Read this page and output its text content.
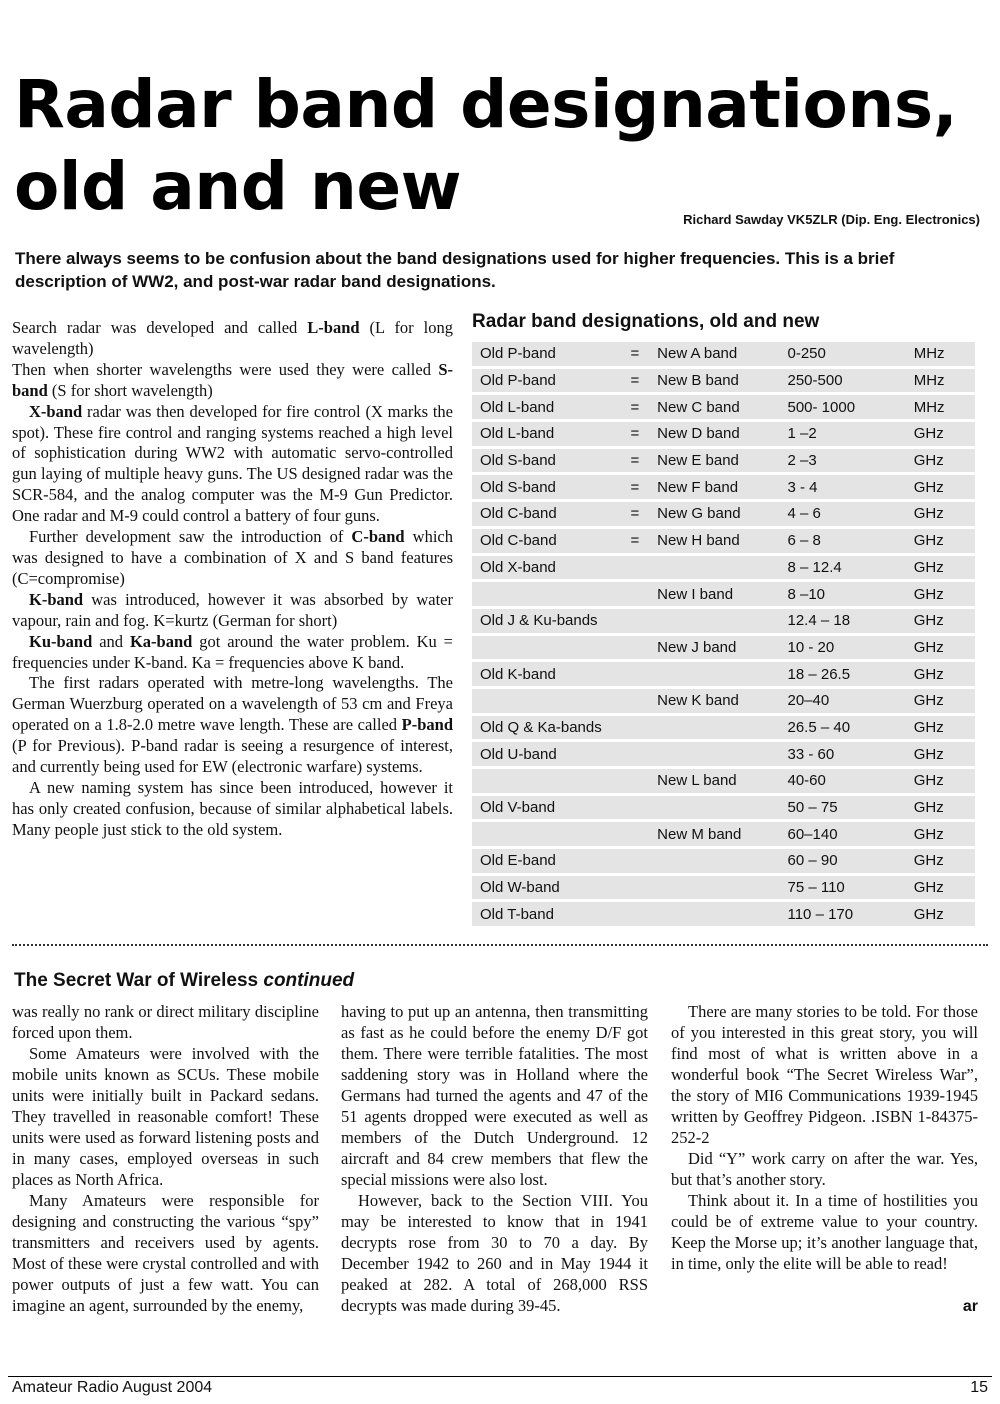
Radar band designations,
old and new	Richard Sawday VK5ZLR (Dip. Eng. Electronics)

There always seems to be confusion about the band designations used for higher frequencies. This is a brief description of WW2, and post-war radar band designations.

Search radar was developed and called L-band (L for long wavelength)

Then when shorter wavelengths were used they were called S-band (S for short wavelength)

X-band radar was then developed for fire control (X marks the spot). These fire control and ranging systems reached a high level of sophistication during WW2 with automatic servo-controlled gun laying of multiple heavy guns. The US designed radar was the SCR-584, and the analog computer was the M-9 Gun Predictor. One radar and M-9 could control a battery of four guns.

Further development saw the introduction of C-band which was designed to have a combination of X and S band features (C=compromise)

K-band was introduced, however it was absorbed by water vapour, rain and fog. K=kurtz (German for short)

Ku-band and Ka-band got around the water problem. Ku = frequencies under K-band. Ka = frequencies above K band.

The first radars operated with metre-long wavelengths. The German Wuerzburg operated on a wavelength of 53 cm and Freya operated on a 1.8-2.0 metre wave length. These are called P-band (P for Previous). P-band radar is seeing a resurgence of interest, and currently being used for EW (electronic warfare) systems.

A new naming system has since been introduced, however it has only created confusion, because of similar alphabetical labels. Many people just stick to the old system.

Radar band designations, old and new
Old P-band	=	New A band	0-250	MHz
Old P-band	=	New B band	250-500	MHz
Old L-band	=	New C band	500- 1000	MHz
Old L-band	=	New D band	1 –2	GHz
Old S-band	=	New E band	2 –3	GHz
Old S-band	=	New F band	3 - 4	GHz
Old C-band	=	New G band	4 – 6	GHz
Old C-band	=	New H band	6 – 8	GHz
Old X-band			8 – 12.4	GHz
		New I band	8 –10	GHz
Old J & Ku-bands			12.4 – 18	GHz
		New J band	10 - 20	GHz
Old K-band			18 – 26.5	GHz
		New K band	20–40	GHz
Old Q & Ka-bands			26.5 – 40	GHz
Old U-band			33 - 60	GHz
		New L band	40-60	GHz
Old V-band			50 – 75	GHz
		New M band	60–140	GHz
Old E-band			60 – 90	GHz
Old W-band			75 – 110	GHz
Old T-band			110 – 170	GHz
The Secret War of Wireless continued

was really no rank or direct military discipline forced upon them.

Some Amateurs were involved with the mobile units known as SCUs. These mobile units were initially built in Packard sedans. They travelled in reasonable comfort! These units were used as forward listening posts and in many cases, employed overseas in such places as North Africa.

Many Amateurs were responsible for designing and constructing the various “spy” transmitters and receivers used by agents. Most of these were crystal controlled and with power outputs of just a few watt. You can imagine an agent, surrounded by the enemy,

having to put up an antenna, then transmitting as fast as he could before the enemy D/F got them. There were terrible fatalities. The most saddening story was in Holland where the Germans had turned the agents and 47 of the 51 agents dropped were executed as well as members of the Dutch Underground. 12 aircraft and 84 crew members that flew the special missions were also lost.

However, back to the Section VIII. You may be interested to know that in 1941 decrypts rose from 30 to 70 a day. By December 1942 to 260 and in May 1944 it peaked at 282. A total of 268,000 RSS decrypts was made during 39-45.

There are many stories to be told. For those of you interested in this great story, you will find most of what is written above in a wonderful book “The Secret Wireless War”, the story of MI6 Communications 1939-1945 written by Geoffrey Pidgeon. .ISBN 1-84375-252-2

Did “Y” work carry on after the war. Yes, but that’s another story.

Think about it. In a time of hostilities you could be of extreme value to your country. Keep the Morse up; it’s another language that, in time, only the elite will be able to read!

ar
Amateur Radio August 2004	15
